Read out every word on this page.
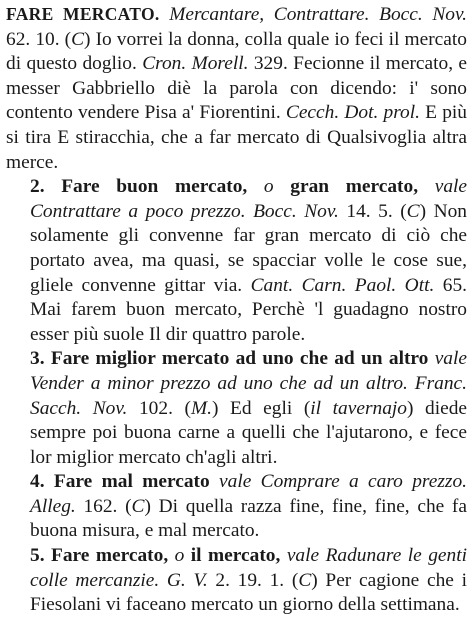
FARE MERCATO. Mercantare, Contrattare. Bocc. Nov. 62. 10. (C) Io vorrei la donna, colla quale io feci il mercato di questo doglio. Cron. Morell. 329. Fecionne il mercato, e messer Gabbriello diè la parola con dicendo: i' sono contento vendere Pisa a' Fiorentini. Cecch. Dot. prol. E più si tira E stiracchia, che a far mercato di Qualsivoglia altra merce.

2. Fare buon mercato, o gran mercato, vale Contrattare a poco prezzo. Bocc. Nov. 14. 5. (C) Non solamente gli convenne far gran mercato di ciò che portato avea, ma quasi, se spacciar volle le cose sue, gliele convenne gittar via. Cant. Carn. Paol. Ott. 65. Mai farem buon mercato, Perchè 'l guadagno nostro esser più suole Il dir quattro parole.

3. Fare miglior mercato ad uno che ad un altro vale Vender a minor prezzo ad uno che ad un altro. Franc. Sacch. Nov. 102. (M.) Ed egli (il tavernajo) diede sempre poi buona carne a quelli che l'ajutarono, e fece lor miglior mercato ch'agli altri.

4. Fare mal mercato vale Comprare a caro prezzo. Alleg. 162. (C) Di quella razza fine, fine, fine, che fa buona misura, e mal mercato.

5. Fare mercato, o il mercato, vale Radunare le genti colle mercanzie. G. V. 2. 19. 1. (C) Per cagione che i Fiesolani vi faceano mercato un giorno della settimana.
